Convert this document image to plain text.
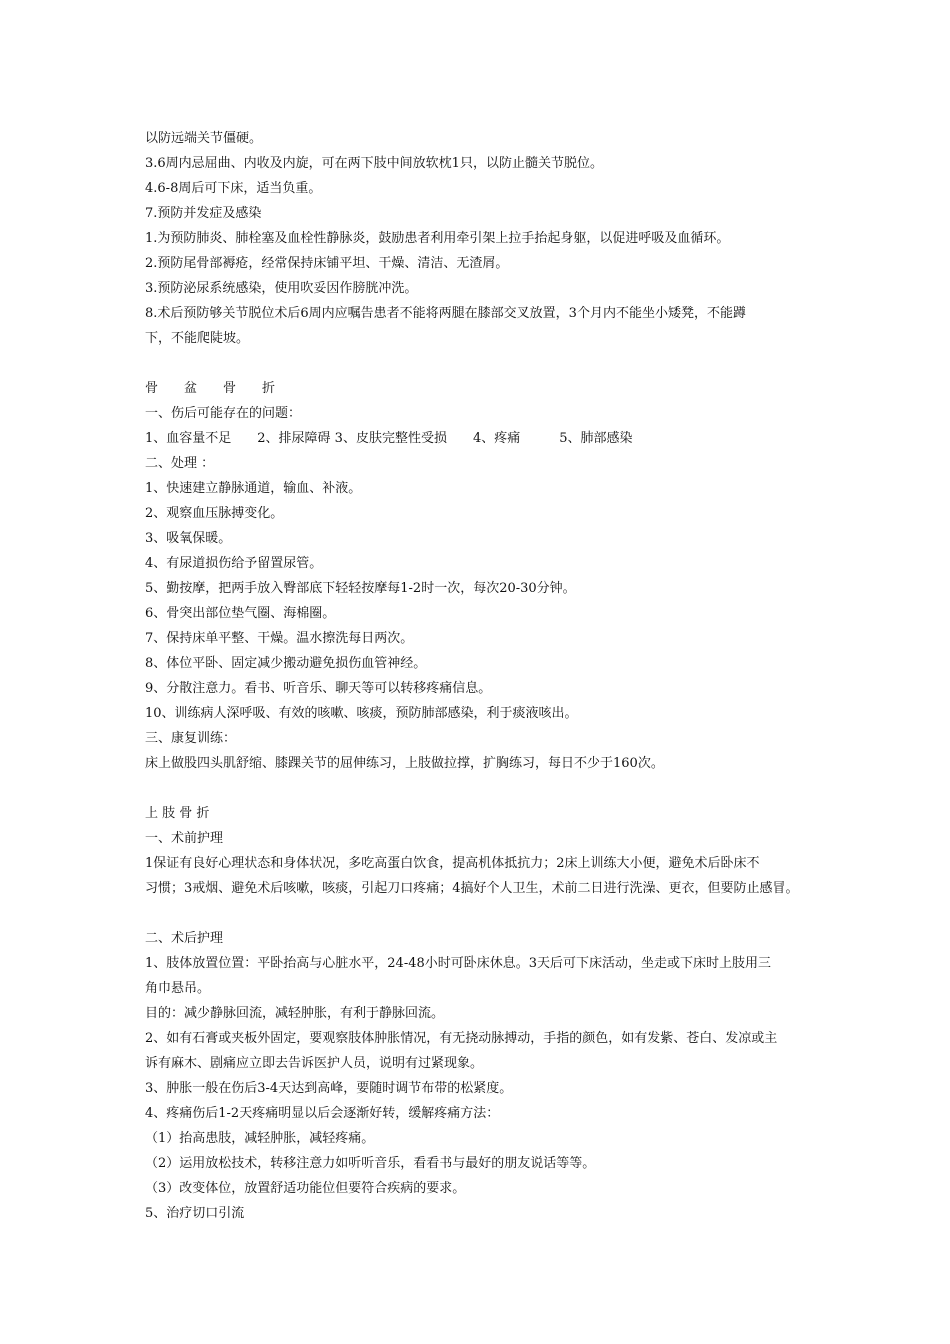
以防远端关节僵硬。
3.6周内忌屈曲、内收及内旋，可在两下肢中间放软枕1只，以防止髓关节脱位。
4.6-8周后可下床，适当负重。
7.预防并发症及感染
1.为预防肺炎、肺栓塞及血栓性静脉炎，鼓励患者利用牵引架上拉手抬起身躯，以促进呼吸及血循环。
2.预防尾骨部褥疮，经常保持床铺平坦、干燥、清洁、无渣屑。
3.预防泌尿系统感染，使用吹妥因作膀胱冲洗。
8.术后预防够关节脱位术后6周内应嘱告患者不能将两腿在膝部交叉放置，3个月内不能坐小矮凳，不能蹲
下，不能爬陡坡。
骨　　盆　　骨　　折
一、伤后可能存在的问题：
1、血容量不足　　2、排尿障碍 3、皮肤完整性受损　　4、疼痛　　　5、肺部感染
二、处理 ：
1、快速建立静脉通道，输血、补液。
2、观察血压脉搏变化。
3、吸氧保暖。
4、有尿道损伤给予留置尿管。
5、勤按摩，把两手放入臀部底下轻轻按摩每1-2时一次，每次20-30分钟。
6、骨突出部位垫气圈、海棉圈。
7、保持床单平整、干燥。温水擦洗每日两次。
8、体位平卧、固定减少搬动避免损伤血管神经。
9、分散注意力。看书、听音乐、聊天等可以转移疼痛信息。
10、训练病人深呼吸、有效的咳嗽、咳痰，预防肺部感染，利于痰液咳出。
三、康复训练：
床上做股四头肌舒缩、膝踝关节的屈伸练习，上肢做拉撑，扩胸练习，每日不少于160次。
上 肢 骨 折
一、术前护理
1保证有良好心理状态和身体状况，多吃高蛋白饮食，提高机体抵抗力；2床上训练大小便，避免术后卧床不
习惯；3戒烟、避免术后咳嗽，咳痰，引起刀口疼痛；4搞好个人卫生，术前二日进行洗澡、更衣，但要防止感冒。
二、术后护理
1、肢体放置位置：平卧抬高与心脏水平，24-48小时可卧床休息。3天后可下床活动，坐走或下床时上肢用三
角巾悬吊。
目的：减少静脉回流，减轻肿胀，有利于静脉回流。
2、如有石膏或夹板外固定，要观察肢体肿胀情况，有无挠动脉搏动，手指的颜色，如有发紫、苍白、发凉或主
诉有麻木、剧痛应立即去告诉医护人员，说明有过紧现象。
3、肿胀一般在伤后3-4天达到高峰，要随时调节布带的松紧度。
4、疼痛伤后1-2天疼痛明显以后会逐渐好转，缓解疼痛方法：
（1）抬高患肢，减轻肿胀，减轻疼痛。
（2）运用放松技术，转移注意力如听听音乐，看看书与最好的朋友说话等等。
（3）改变体位，放置舒适功能位但要符合疾病的要求。
5、治疗切口引流
